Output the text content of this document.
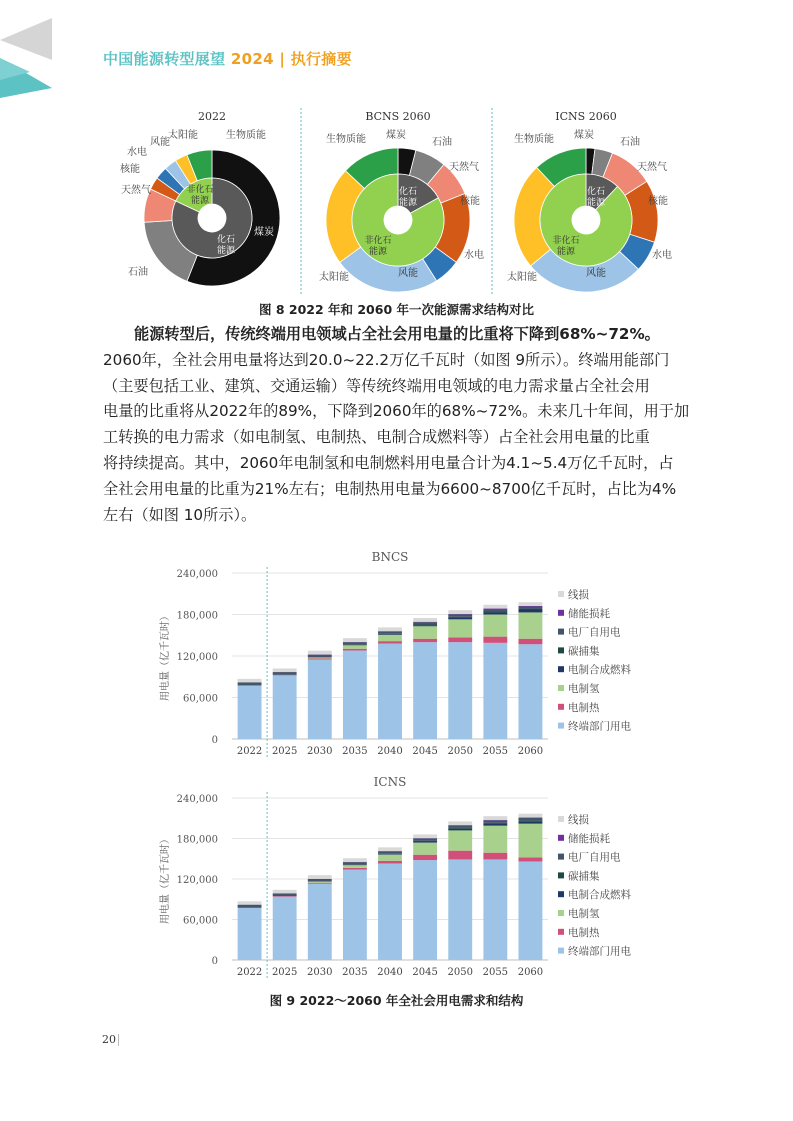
中国能源转型展望 2024 | 执行摘要
2022
风能
太阳能	生物质能
水电
核能
天然气
石油
煤炭
非化石
能源
化石
能源
BCNS 2060
生物质能 煤炭
石油
天然气
核能
水电
风能
太阳能
化石
能源
非化石
能源
ICNS 2060
生物质能 煤炭
石油
天然气
核能
水电
风能
太阳能
化石
能源
非化石
能源
图 8 2022 年和 2060 年一次能源需求结构对比
能源转型后，传统终端用电领域占全社会用电量的比重将下降到68%~72%。
2060年，全社会用电量将达到20.0~22.2万亿千瓦时（如图 9所示）。终端用能部门
（主要包括工业、建筑、交通运输）等传统终端用电领域的电力需求量占全社会用
电量的比重将从2022年的89%，下降到2060年的68%~72%。未来几十年间，用于加
工转换的电力需求（如电制氢、电制热、电制合成燃料等）占全社会用电量的比重
将持续提高。其中，2060年电制氢和电制燃料用电量合计为4.1~5.4万亿千瓦时，占
全社会用电量的比重为21%左右；电制热用电量为6600~8700亿千瓦时，占比为4%
左右（如图 10所示）。
BNCS
0
60,000
120,000
180,000
240,000
用电量（亿千瓦时）
2022 2025 2030 2035 2040 2045 2050 2055 2060
线损
储能损耗
电厂自用电
碳捕集
电制合成燃料
电制氢
电制热
终端部门用电
ICNS
0
60,000
120,000
180,000
240,000
用电量（亿千瓦时）
2022 2025 2030 2035 2040 2045 2050 2055 2060
线损
储能损耗
电厂自用电
碳捕集
电制合成燃料
电制氢
电制热
终端部门用电
图 9 2022～2060 年全社会用电需求和结构
20
